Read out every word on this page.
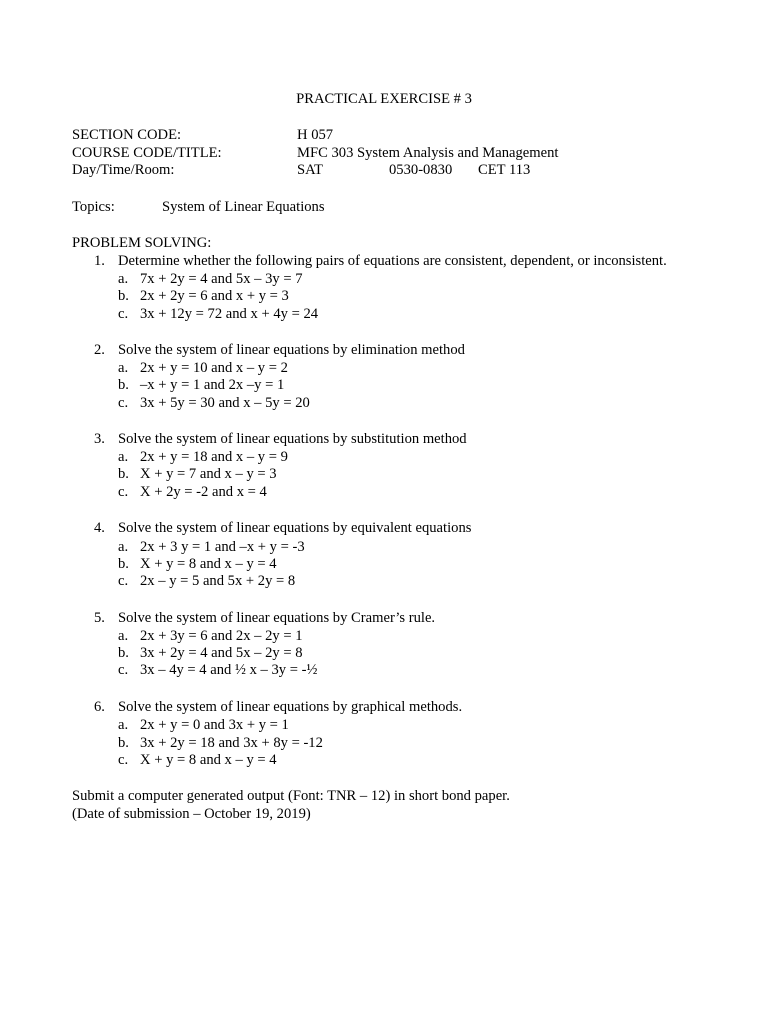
PRACTICAL EXERCISE # 3
SECTION CODE:	H 057
COURSE CODE/TITLE:	MFC 303 System Analysis and Management
Day/Time/Room:	SAT	0530-0830 CET 113
Topics:	System of Linear Equations
PROBLEM SOLVING:
1. Determine whether the following pairs of equations are consistent, dependent, or inconsistent.
a. 7x + 2y = 4 and 5x – 3y = 7
b. 2x + 2y = 6 and x + y = 3
c. 3x + 12y = 72 and x + 4y = 24
2. Solve the system of linear equations by elimination method
a. 2x + y = 10 and x – y = 2
b. –x + y = 1 and 2x –y = 1
c. 3x + 5y = 30 and x – 5y = 20
3. Solve the system of linear equations by substitution method
a. 2x + y = 18 and x – y = 9
b. X + y = 7 and x – y = 3
c. X + 2y = -2 and x = 4
4. Solve the system of linear equations by equivalent equations
a. 2x + 3 y = 1 and –x + y = -3
b. X + y = 8 and x – y = 4
c. 2x – y = 5 and 5x + 2y = 8
5. Solve the system of linear equations by Cramer’s rule.
a. 2x + 3y = 6 and 2x – 2y = 1
b. 3x + 2y = 4 and 5x – 2y = 8
c. 3x – 4y = 4 and ½ x – 3y = -½
6. Solve the system of linear equations by graphical methods.
a. 2x + y = 0 and 3x + y = 1
b. 3x + 2y = 18 and 3x + 8y = -12
c. X + y = 8 and x – y = 4
Submit a computer generated output (Font: TNR – 12) in short bond paper.
(Date of submission – October 19, 2019)
